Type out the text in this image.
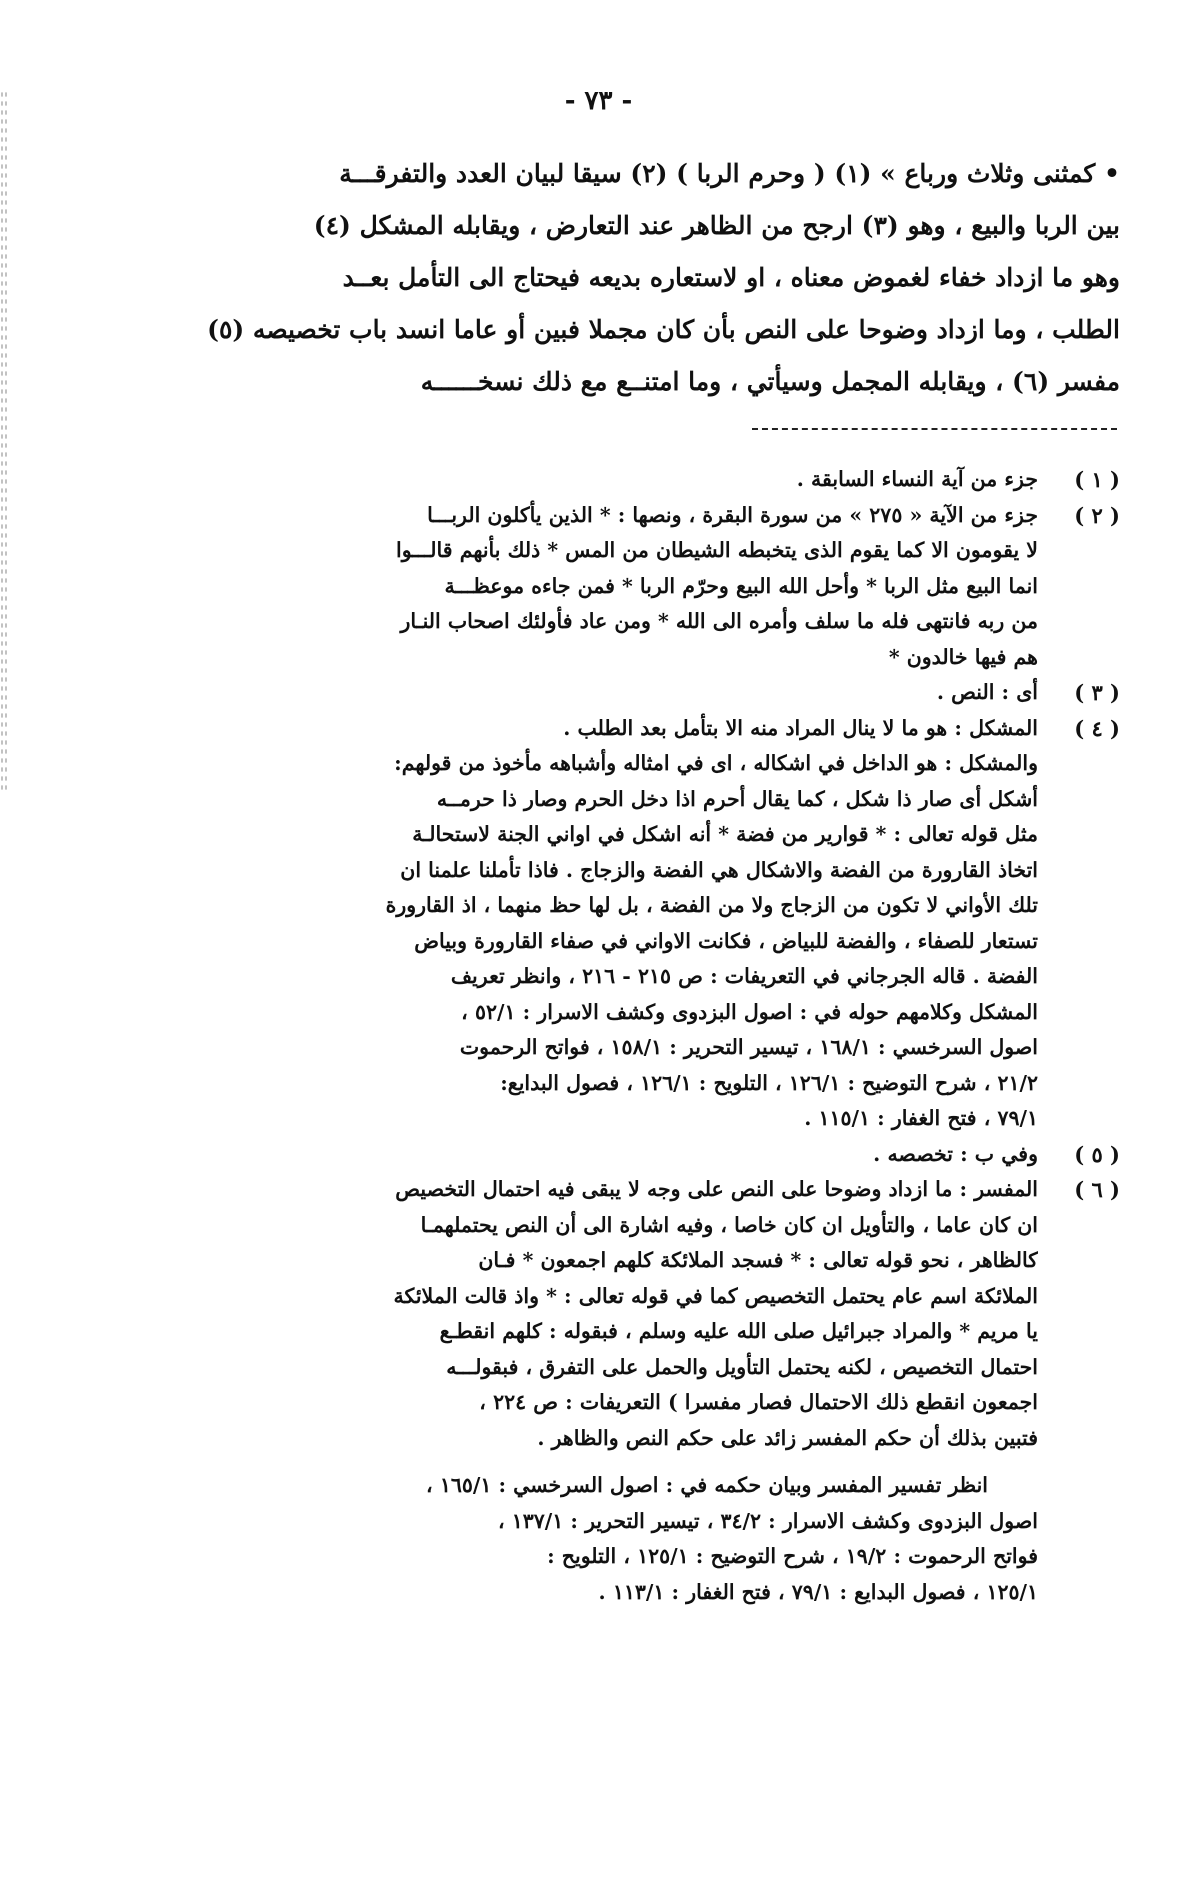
- ٧٣ -
• كمثنى وثلاث ورباع » (١) ( وحرم الربا ) (٢) سيقا لبيان العدد والتفرقـــة
بين الربا والبيع ، وهو (٣) ارجح من الظاهر عند التعارض ، ويقابله المشكل (٤)
وهو ما ازداد خفاء لغموض معناه ، او لاستعاره بديعه فيحتاج الى التأمل بعــد
الطلب ، وما ازداد وضوحا على النص بأن كان مجملا فبين أو عاما انسد باب تخصيصه (٥)
مفسر (٦) ، ويقابله المجمل وسيأتي ، وما امتنــع مع ذلك نسخــــــه
( ١ )
جزء من آية النساء السابقة .
( ٢ )
جزء من الآية « ٢٧٥ » من سورة البقرة ، ونصها : * الذين يأكلون الربـــا
لا يقومون الا كما يقوم الذى يتخبطه الشيطان من المس * ذلك بأنهم قالـــوا
انما البيع مثل الربا * وأحل الله البيع وحرّم الربا * فمن جاءه موعظـــة
من ربه فانتهى فله ما سلف وأمره الى الله * ومن عاد فأولئك اصحاب النـار
هم فيها خالدون *
( ٣ )
أى : النص .
( ٤ )
المشكل : هو ما لا ينال المراد منه الا بتأمل بعد الطلب .
والمشكل : هو الداخل في اشكاله ، اى في امثاله وأشباهه مأخوذ من قولهم:
أشكل أى صار ذا شكل ، كما يقال أحرم اذا دخل الحرم وصار ذا حرمــه
مثل قوله تعالى : * قوارير من فضة * أنه اشكل في اواني الجنة لاستحالـة
اتخاذ القارورة من الفضة والاشكال هي الفضة والزجاج . فاذا تأملنا علمنا ان
تلك الأواني لا تكون من الزجاج ولا من الفضة ، بل لها حظ منهما ، اذ القارورة
تستعار للصفاء ، والفضة للبياض ، فكانت الاواني في صفاء القارورة وبياض
الفضة . قاله الجرجاني في التعريفات : ص ٢١٥ - ٢١٦ ، وانظر تعريف
المشكل وكلامهم حوله في : اصول البزدوى وكشف الاسرار : ٥٢/١ ،
اصول السرخسي : ١٦٨/١ ، تيسير التحرير : ١٥٨/١ ، فواتح الرحموت
٢١/٢ ، شرح التوضيح : ١٢٦/١ ، التلويح : ١٢٦/١ ، فصول البدايع:
٧٩/١ ، فتح الغفار : ١١٥/١ .
( ٥ )
وفي ب : تخصصه .
( ٦ )
المفسر : ما ازداد وضوحا على النص على وجه لا يبقى فيه احتمال التخصيص
ان كان عاما ، والتأويل ان كان خاصا ، وفيه اشارة الى أن النص يحتملهمـا
كالظاهر ، نحو قوله تعالى : * فسجد الملائكة كلهم اجمعون * فـان
الملائكة اسم عام يحتمل التخصيص كما في قوله تعالى : * واذ قالت الملائكة
يا مريم * والمراد جبرائيل صلى الله عليه وسلم ، فبقوله : كلهم انقطـع
احتمال التخصيص ، لكنه يحتمل التأويل والحمل على التفرق ، فبقولـــه
اجمعون انقطع ذلك الاحتمال فصار مفسرا ) التعريفات : ص ٢٢٤ ،
فتبين بذلك أن حكم المفسر زائد على حكم النص والظاهر .
انظر تفسير المفسر وبيان حكمه في : اصول السرخسي : ١٦٥/١ ،
اصول البزدوى وكشف الاسرار : ٣٤/٢ ، تيسير التحرير : ١٣٧/١ ،
فواتح الرحموت : ١٩/٢ ، شرح التوضيح : ١٢٥/١ ، التلويح :
١٢٥/١ ، فصول البدايع : ٧٩/١ ، فتح الغفار : ١١٣/١ .
